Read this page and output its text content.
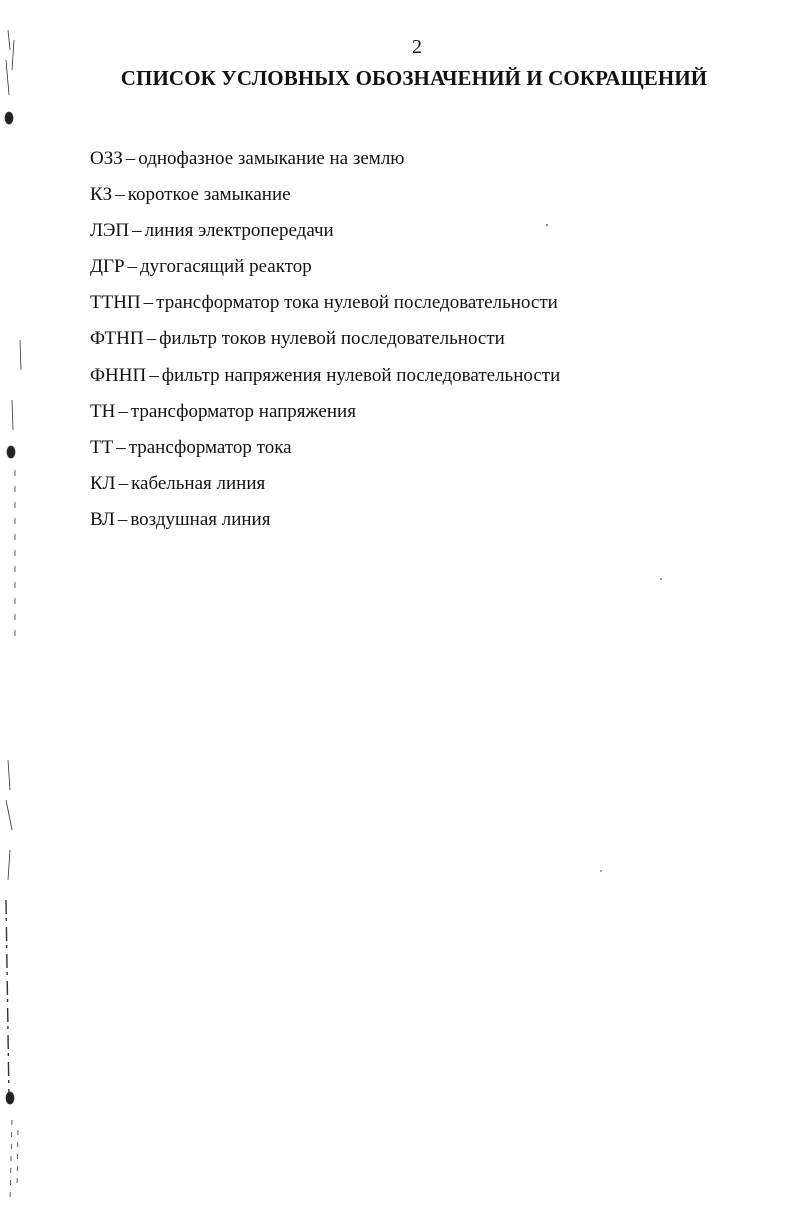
2
СПИСОК УСЛОВНЫХ ОБОЗНАЧЕНИЙ И СОКРАЩЕНИЙ
ОЗЗ – однофазное замыкание на землю
КЗ – короткое замыкание
ЛЭП – линия электропередачи
ДГР – дугогасящий реактор
ТТНП – трансформатор тока нулевой последовательности
ФТНП – фильтр токов нулевой последовательности
ФННП – фильтр напряжения нулевой последовательности
ТН – трансформатор напряжения
ТТ – трансформатор тока
КЛ – кабельная линия
ВЛ – воздушная линия
